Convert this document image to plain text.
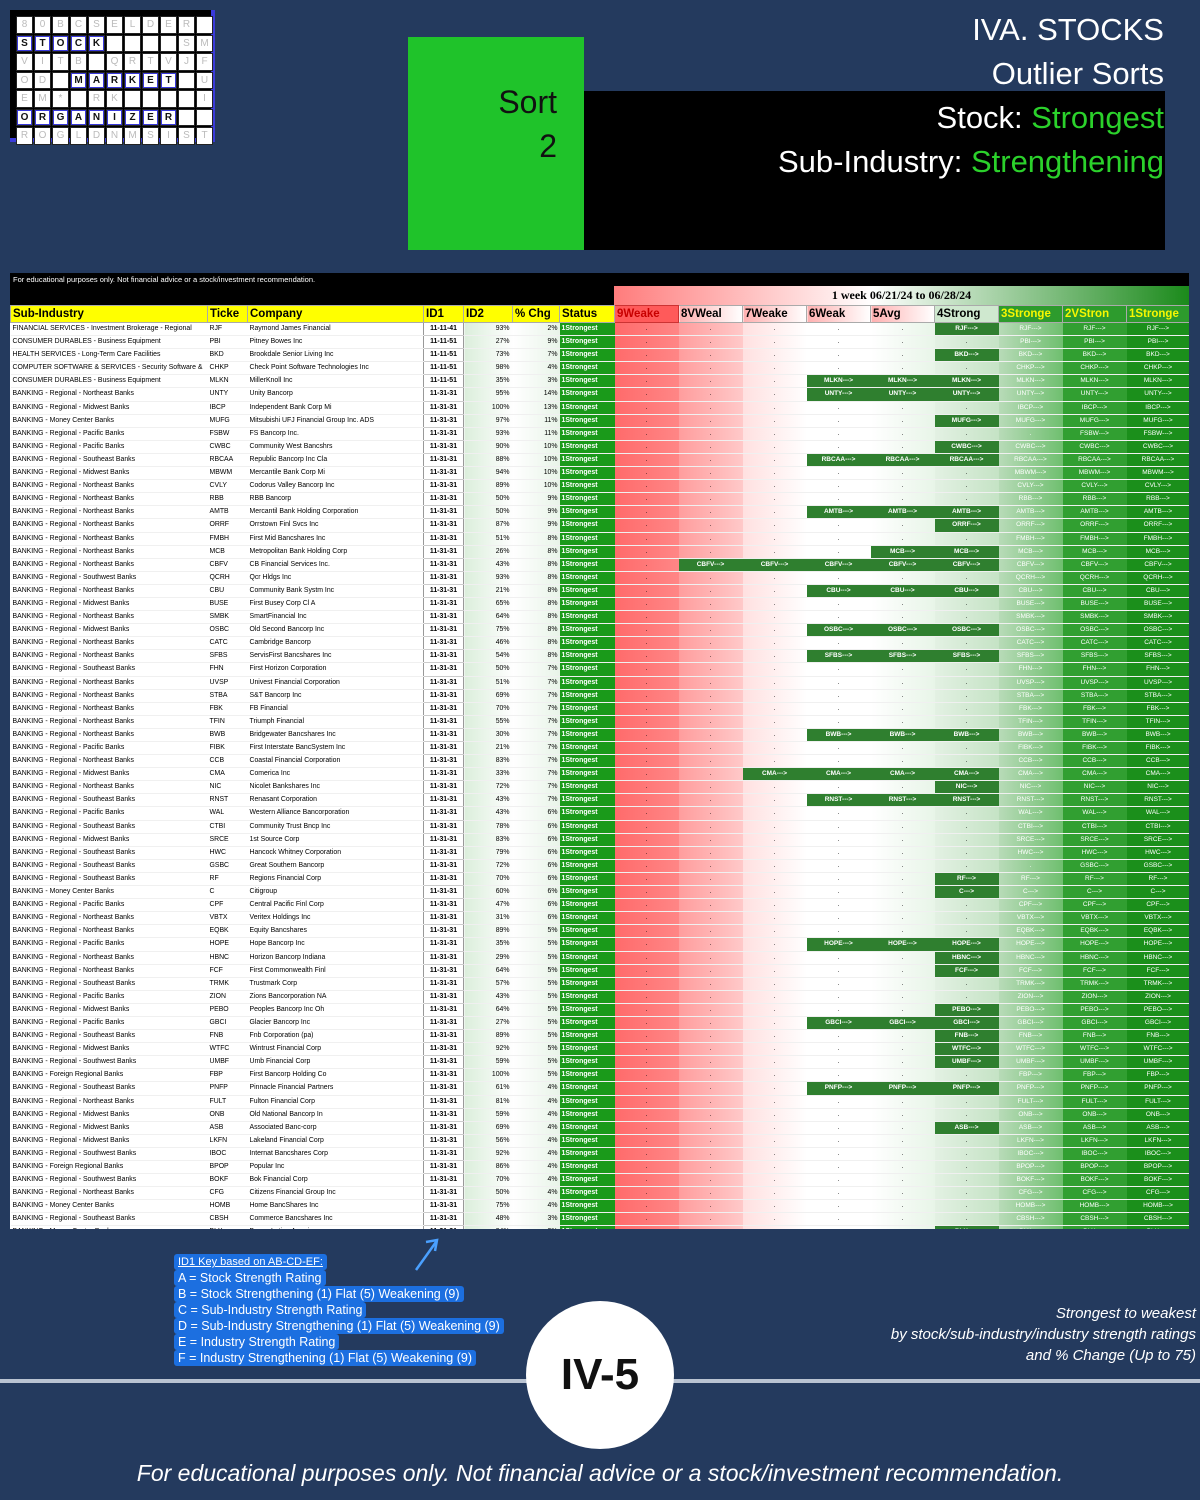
8	0	B	C	S	E	L	D	E	R
S	T	O	C	K	S	M
V	I	T	B	Q	R	T	V	J	F
O	D	M	A	R	K	E	T	U
E	M	*	R	K	I
O	R	G	A	N	I	Z	E	R
R	O	G	L	D	N	M	S	I	S	T
Sort
2
IVA. STOCKS
Outlier Sorts
Stock: Strongest
Sub-Industry: Strengthening
For educational purposes only. Not financial advice or a stock/investment recommendation.
1 week 06/21/24 to 06/28/24
Sub-Industry	Ticke	Company	ID1	ID2	% Chg	Status	9Weake	8VWeal	7Weake	6Weak	5Avg	4Strong	3Stronge	2VStron	1Stronge
FINANCIAL SERVICES - Investment Brokerage - Regional	RJF	Raymond James Financial	11-11-41	93%	2%	1Strongest	.	.	.	.	.	RJF--->	RJF--->	RJF--->	RJF--->
CONSUMER DURABLES - Business Equipment	PBI	Pitney Bowes Inc	11-11-51	27%	9%	1Strongest	.	.	.	.	.	.	PBI--->	PBI--->	PBI--->
HEALTH SERVICES - Long-Term Care Facilities	BKD	Brookdale Senior Living Inc	11-11-51	73%	7%	1Strongest	.	.	.	.	.	BKD--->	BKD--->	BKD--->	BKD--->
COMPUTER SOFTWARE & SERVICES - Security Software &	CHKP	Check Point Software Technologies Inc	11-11-51	98%	4%	1Strongest	.	.	.	.	.	.	CHKP--->	CHKP--->	CHKP--->
CONSUMER DURABLES - Business Equipment	MLKN	MillerKnoll Inc	11-11-51	35%	3%	1Strongest	.	.	.	MLKN--->	MLKN--->	MLKN--->	MLKN--->	MLKN--->	MLKN--->
BANKING - Regional - Northeast Banks	UNTY	Unity Bancorp	11-31-31	95%	14%	1Strongest	.	.	.	UNTY--->	UNTY--->	UNTY--->	UNTY--->	UNTY--->	UNTY--->
BANKING - Regional - Midwest Banks	IBCP	Independent Bank Corp Mi	11-31-31	100%	13%	1Strongest	.	.	.	.	.	.	IBCP--->	IBCP--->	IBCP--->
BANKING - Money Center Banks	MUFG	Mitsubishi UFJ Financial Group Inc. ADS	11-31-31	97%	11%	1Strongest	.	.	.	.	.	MUFG--->	MUFG--->	MUFG--->	MUFG--->
BANKING - Regional - Pacific Banks	FSBW	FS Bancorp Inc.	11-31-31	93%	11%	1Strongest	.	.	.	.	.	.	.	FSBW--->	FSBW--->
BANKING - Regional - Pacific Banks	CWBC	Community West Bancshrs	11-31-31	90%	10%	1Strongest	.	.	.	.	.	CWBC--->	CWBC--->	CWBC--->	CWBC--->
BANKING - Regional - Southeast Banks	RBCAA	Republic Bancorp Inc Cla	11-31-31	88%	10%	1Strongest	.	.	.	RBCAA--->	RBCAA--->	RBCAA--->	RBCAA--->	RBCAA--->	RBCAA--->
BANKING - Regional - Midwest Banks	MBWM	Mercantile Bank Corp Mi	11-31-31	94%	10%	1Strongest	.	.	.	.	.	.	MBWM--->	MBWM--->	MBWM--->
BANKING - Regional - Northeast Banks	CVLY	Codorus Valley Bancorp Inc	11-31-31	89%	10%	1Strongest	.	.	.	.	.	.	CVLY--->	CVLY--->	CVLY--->
BANKING - Regional - Northeast Banks	RBB	RBB Bancorp	11-31-31	50%	9%	1Strongest	.	.	.	.	.	.	RBB--->	RBB--->	RBB--->
BANKING - Regional - Northeast Banks	AMTB	Mercantil Bank Holding Corporation	11-31-31	50%	9%	1Strongest	.	.	.	AMTB--->	AMTB--->	AMTB--->	AMTB--->	AMTB--->	AMTB--->
BANKING - Regional - Northeast Banks	ORRF	Orrstown Finl Svcs Inc	11-31-31	87%	9%	1Strongest	.	.	.	.	.	ORRF--->	ORRF--->	ORRF--->	ORRF--->
BANKING - Regional - Northeast Banks	FMBH	First Mid Bancshares Inc	11-31-31	51%	8%	1Strongest	.	.	.	.	.	.	FMBH--->	FMBH--->	FMBH--->
BANKING - Regional - Northeast Banks	MCB	Metropolitan Bank Holding Corp	11-31-31	26%	8%	1Strongest	.	.	.	.	MCB--->	MCB--->	MCB--->	MCB--->	MCB--->
BANKING - Regional - Northeast Banks	CBFV	CB Financial Services Inc.	11-31-31	43%	8%	1Strongest	.	CBFV--->	CBFV--->	CBFV--->	CBFV--->	CBFV--->	CBFV--->	CBFV--->	CBFV--->
BANKING - Regional - Southwest Banks	QCRH	Qcr Hldgs Inc	11-31-31	93%	8%	1Strongest	.	.	.	.	.	.	QCRH--->	QCRH--->	QCRH--->
BANKING - Regional - Northeast Banks	CBU	Community Bank Systm Inc	11-31-31	21%	8%	1Strongest	.	.	.	CBU--->	CBU--->	CBU--->	CBU--->	CBU--->	CBU--->
BANKING - Regional - Midwest Banks	BUSE	First Busey Corp Cl A	11-31-31	65%	8%	1Strongest	.	.	.	.	.	.	BUSE--->	BUSE--->	BUSE--->
BANKING - Regional - Northeast Banks	SMBK	SmartFinancial Inc	11-31-31	64%	8%	1Strongest	.	.	.	.	.	.	SMBK--->	SMBK--->	SMBK--->
BANKING - Regional - Midwest Banks	OSBC	Old Second Bancorp Inc	11-31-31	75%	8%	1Strongest	.	.	.	OSBC--->	OSBC--->	OSBC--->	OSBC--->	OSBC--->	OSBC--->
BANKING - Regional - Northeast Banks	CATC	Cambridge Bancorp	11-31-31	46%	8%	1Strongest	.	.	.	.	.	.	CATC--->	CATC--->	CATC--->
BANKING - Regional - Northeast Banks	SFBS	ServisFirst Bancshares Inc	11-31-31	54%	8%	1Strongest	.	.	.	SFBS--->	SFBS--->	SFBS--->	SFBS--->	SFBS--->	SFBS--->
BANKING - Regional - Southeast Banks	FHN	First Horizon Corporation	11-31-31	50%	7%	1Strongest	.	.	.	.	.	.	FHN--->	FHN--->	FHN--->
BANKING - Regional - Northeast Banks	UVSP	Univest Financial Corporation	11-31-31	51%	7%	1Strongest	.	.	.	.	.	.	UVSP--->	UVSP--->	UVSP--->
BANKING - Regional - Northeast Banks	STBA	S&T Bancorp Inc	11-31-31	69%	7%	1Strongest	.	.	.	.	.	.	STBA--->	STBA--->	STBA--->
BANKING - Regional - Northeast Banks	FBK	FB Financial	11-31-31	70%	7%	1Strongest	.	.	.	.	.	.	FBK--->	FBK--->	FBK--->
BANKING - Regional - Northeast Banks	TFIN	Triumph Financial	11-31-31	55%	7%	1Strongest	.	.	.	.	.	.	TFIN--->	TFIN--->	TFIN--->
BANKING - Regional - Northeast Banks	BWB	Bridgewater Bancshares Inc	11-31-31	30%	7%	1Strongest	.	.	.	BWB--->	BWB--->	BWB--->	BWB--->	BWB--->	BWB--->
BANKING - Regional - Pacific Banks	FIBK	First Interstate BancSystem Inc	11-31-31	21%	7%	1Strongest	.	.	.	.	.	.	FIBK--->	FIBK--->	FIBK--->
BANKING - Regional - Northeast Banks	CCB	Coastal Financial Corporation	11-31-31	83%	7%	1Strongest	.	.	.	.	.	.	CCB--->	CCB--->	CCB--->
BANKING - Regional - Midwest Banks	CMA	Comerica Inc	11-31-31	33%	7%	1Strongest	.	.	CMA--->	CMA--->	CMA--->	CMA--->	CMA--->	CMA--->	CMA--->
BANKING - Regional - Northeast Banks	NIC	Nicolet Bankshares Inc	11-31-31	72%	7%	1Strongest	.	.	.	.	.	NIC--->	NIC--->	NIC--->	NIC--->
BANKING - Regional - Southeast Banks	RNST	Renasant Corporation	11-31-31	43%	7%	1Strongest	.	.	.	RNST--->	RNST--->	RNST--->	RNST--->	RNST--->	RNST--->
BANKING - Regional - Pacific Banks	WAL	Western Alliance Bancorporation	11-31-31	43%	6%	1Strongest	.	.	.	.	.	.	WAL--->	WAL--->	WAL--->
BANKING - Regional - Southeast Banks	CTBI	Community Trust Bncp Inc	11-31-31	78%	6%	1Strongest	.	.	.	.	.	.	CTBI--->	CTBI--->	CTBI--->
BANKING - Regional - Midwest Banks	SRCE	1st Source Corp	11-31-31	83%	6%	1Strongest	.	.	.	.	.	.	SRCE--->	SRCE--->	SRCE--->
BANKING - Regional - Southeast Banks	HWC	Hancock Whitney Corporation	11-31-31	79%	6%	1Strongest	.	.	.	.	.	.	HWC--->	HWC--->	HWC--->
BANKING - Regional - Southeast Banks	GSBC	Great Southern Bancorp	11-31-31	72%	6%	1Strongest	.	.	.	.	.	.	.	GSBC--->	GSBC--->
BANKING - Regional - Southeast Banks	RF	Regions Financial Corp	11-31-31	70%	6%	1Strongest	.	.	.	.	.	RF--->	RF--->	RF--->	RF--->
BANKING - Money Center Banks	C	Citigroup	11-31-31	60%	6%	1Strongest	.	.	.	.	.	C--->	C--->	C--->	C--->
BANKING - Regional - Pacific Banks	CPF	Central Pacific Finl Corp	11-31-31	47%	6%	1Strongest	.	.	.	.	.	.	CPF--->	CPF--->	CPF--->
BANKING - Regional - Northeast Banks	VBTX	Veritex Holdings Inc	11-31-31	31%	6%	1Strongest	.	.	.	.	.	.	VBTX--->	VBTX--->	VBTX--->
BANKING - Regional - Northeast Banks	EQBK	Equity Bancshares	11-31-31	89%	5%	1Strongest	.	.	.	.	.	.	EQBK--->	EQBK--->	EQBK--->
BANKING - Regional - Pacific Banks	HOPE	Hope Bancorp Inc	11-31-31	35%	5%	1Strongest	.	.	.	HOPE--->	HOPE--->	HOPE--->	HOPE--->	HOPE--->	HOPE--->
BANKING - Regional - Northeast Banks	HBNC	Horizon Bancorp Indiana	11-31-31	29%	5%	1Strongest	.	.	.	.	.	HBNC--->	HBNC--->	HBNC--->	HBNC--->
BANKING - Regional - Northeast Banks	FCF	First Commonwealth Finl	11-31-31	64%	5%	1Strongest	.	.	.	.	.	FCF--->	FCF--->	FCF--->	FCF--->
BANKING - Regional - Southeast Banks	TRMK	Trustmark Corp	11-31-31	57%	5%	1Strongest	.	.	.	.	.	.	TRMK--->	TRMK--->	TRMK--->
BANKING - Regional - Pacific Banks	ZION	Zions Bancorporation NA	11-31-31	43%	5%	1Strongest	.	.	.	.	.	.	ZION--->	ZION--->	ZION--->
BANKING - Regional - Midwest Banks	PEBO	Peoples Bancorp Inc Oh	11-31-31	64%	5%	1Strongest	.	.	.	.	.	PEBO--->	PEBO--->	PEBO--->	PEBO--->
BANKING - Regional - Pacific Banks	GBCI	Glacier Bancorp Inc	11-31-31	27%	5%	1Strongest	.	.	.	GBCI--->	GBCI--->	GBCI--->	GBCI--->	GBCI--->	GBCI--->
BANKING - Regional - Southeast Banks	FNB	Fnb Corporation (pa)	11-31-31	89%	5%	1Strongest	.	.	.	.	.	FNB--->	FNB--->	FNB--->	FNB--->
BANKING - Regional - Midwest Banks	WTFC	Wintrust Financial Corp	11-31-31	92%	5%	1Strongest	.	.	.	.	.	WTFC--->	WTFC--->	WTFC--->	WTFC--->
BANKING - Regional - Southwest Banks	UMBF	Umb Financial Corp	11-31-31	59%	5%	1Strongest	.	.	.	.	.	UMBF--->	UMBF--->	UMBF--->	UMBF--->
BANKING - Foreign Regional Banks	FBP	First Bancorp Holding Co	11-31-31	100%	5%	1Strongest	.	.	.	.	.	.	FBP--->	FBP--->	FBP--->
BANKING - Regional - Southeast Banks	PNFP	Pinnacle Financial Partners	11-31-31	61%	4%	1Strongest	.	.	.	PNFP--->	PNFP--->	PNFP--->	PNFP--->	PNFP--->	PNFP--->
BANKING - Regional - Northeast Banks	FULT	Fulton Financial Corp	11-31-31	81%	4%	1Strongest	.	.	.	.	.	.	FULT--->	FULT--->	FULT--->
BANKING - Regional - Midwest Banks	ONB	Old National Bancorp In	11-31-31	59%	4%	1Strongest	.	.	.	.	.	.	ONB--->	ONB--->	ONB--->
BANKING - Regional - Midwest Banks	ASB	Associated Banc-corp	11-31-31	69%	4%	1Strongest	.	.	.	.	.	ASB--->	ASB--->	ASB--->	ASB--->
BANKING - Regional - Midwest Banks	LKFN	Lakeland Financial Corp	11-31-31	56%	4%	1Strongest	.	.	.	.	.	.	LKFN--->	LKFN--->	LKFN--->
BANKING - Regional - Southwest Banks	IBOC	Internat Bancshares Corp	11-31-31	92%	4%	1Strongest	.	.	.	.	.	.	IBOC--->	IBOC--->	IBOC--->
BANKING - Foreign Regional Banks	BPOP	Popular Inc	11-31-31	86%	4%	1Strongest	.	.	.	.	.	.	BPOP--->	BPOP--->	BPOP--->
BANKING - Regional - Southwest Banks	BOKF	Bok Financial Corp	11-31-31	70%	4%	1Strongest	.	.	.	.	.	.	BOKF--->	BOKF--->	BOKF--->
BANKING - Regional - Northeast Banks	CFG	Citizens Financial Group Inc	11-31-31	50%	4%	1Strongest	.	.	.	.	.	.	CFG--->	CFG--->	CFG--->
BANKING - Money Center Banks	HOMB	Home BancShares Inc	11-31-31	75%	4%	1Strongest	.	.	.	.	.	.	HOMB--->	HOMB--->	HOMB--->
BANKING - Regional - Southeast Banks	CBSH	Commerce Bancshares Inc	11-31-31	48%	3%	1Strongest	.	.	.	.	.	.	CBSH--->	CBSH--->	CBSH--->

ID1 Key based on AB-CD-EF:
A = Stock Strength Rating
B = Stock Strengthening (1) Flat (5) Weakening (9)
C = Sub-Industry Strength Rating
D = Sub-Industry Strengthening (1) Flat (5) Weakening (9)
E = Industry Strength Rating
F = Industry Strengthening (1) Flat (5) Weakening (9)
Strongest to weakest
by stock/sub-industry/industry strength ratings
and % Change (Up to 75)
IV-5
For educational purposes only. Not financial advice or a stock/investment recommendation.
